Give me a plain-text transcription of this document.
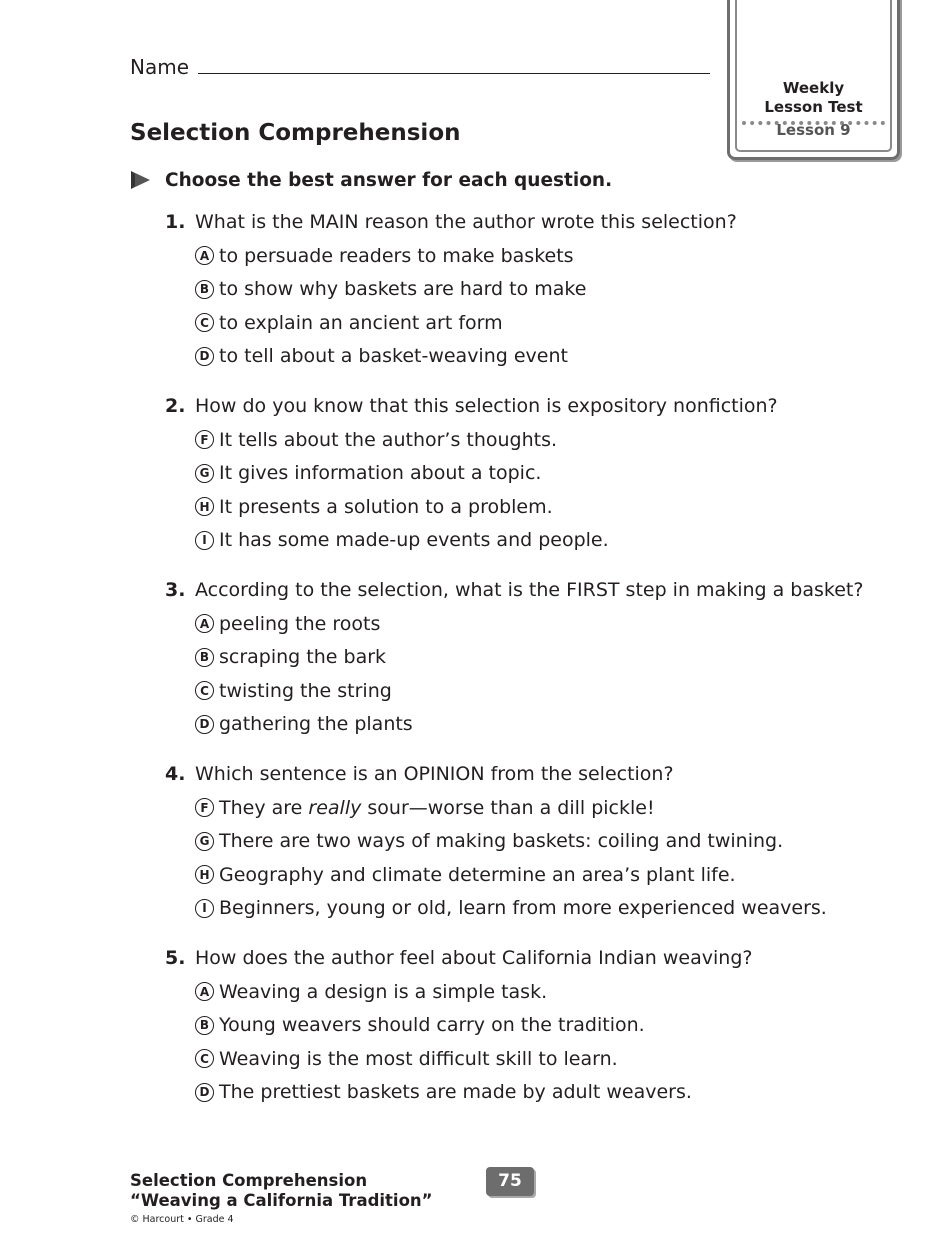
Name
Weekly
Lesson Test
Lesson 9
Selection Comprehension
Choose the best answer for each question.
1. What is the MAIN reason the author wrote this selection?
A to persuade readers to make baskets
B to show why baskets are hard to make
C to explain an ancient art form
D to tell about a basket-weaving event
2. How do you know that this selection is expository nonfiction?
F It tells about the author’s thoughts.
G It gives information about a topic.
H It presents a solution to a problem.
I It has some made-up events and people.
3. According to the selection, what is the FIRST step in making a basket?
A peeling the roots
B scraping the bark
C twisting the string
D gathering the plants
4. Which sentence is an OPINION from the selection?
F They are really sour—worse than a dill pickle!
G There are two ways of making baskets: coiling and twining.
H Geography and climate determine an area’s plant life.
I Beginners, young or old, learn from more experienced weavers.
5. How does the author feel about California Indian weaving?
A Weaving a design is a simple task.
B Young weavers should carry on the tradition.
C Weaving is the most difficult skill to learn.
D The prettiest baskets are made by adult weavers.
Selection Comprehension
“Weaving a California Tradition”
© Harcourt • Grade 4
75
